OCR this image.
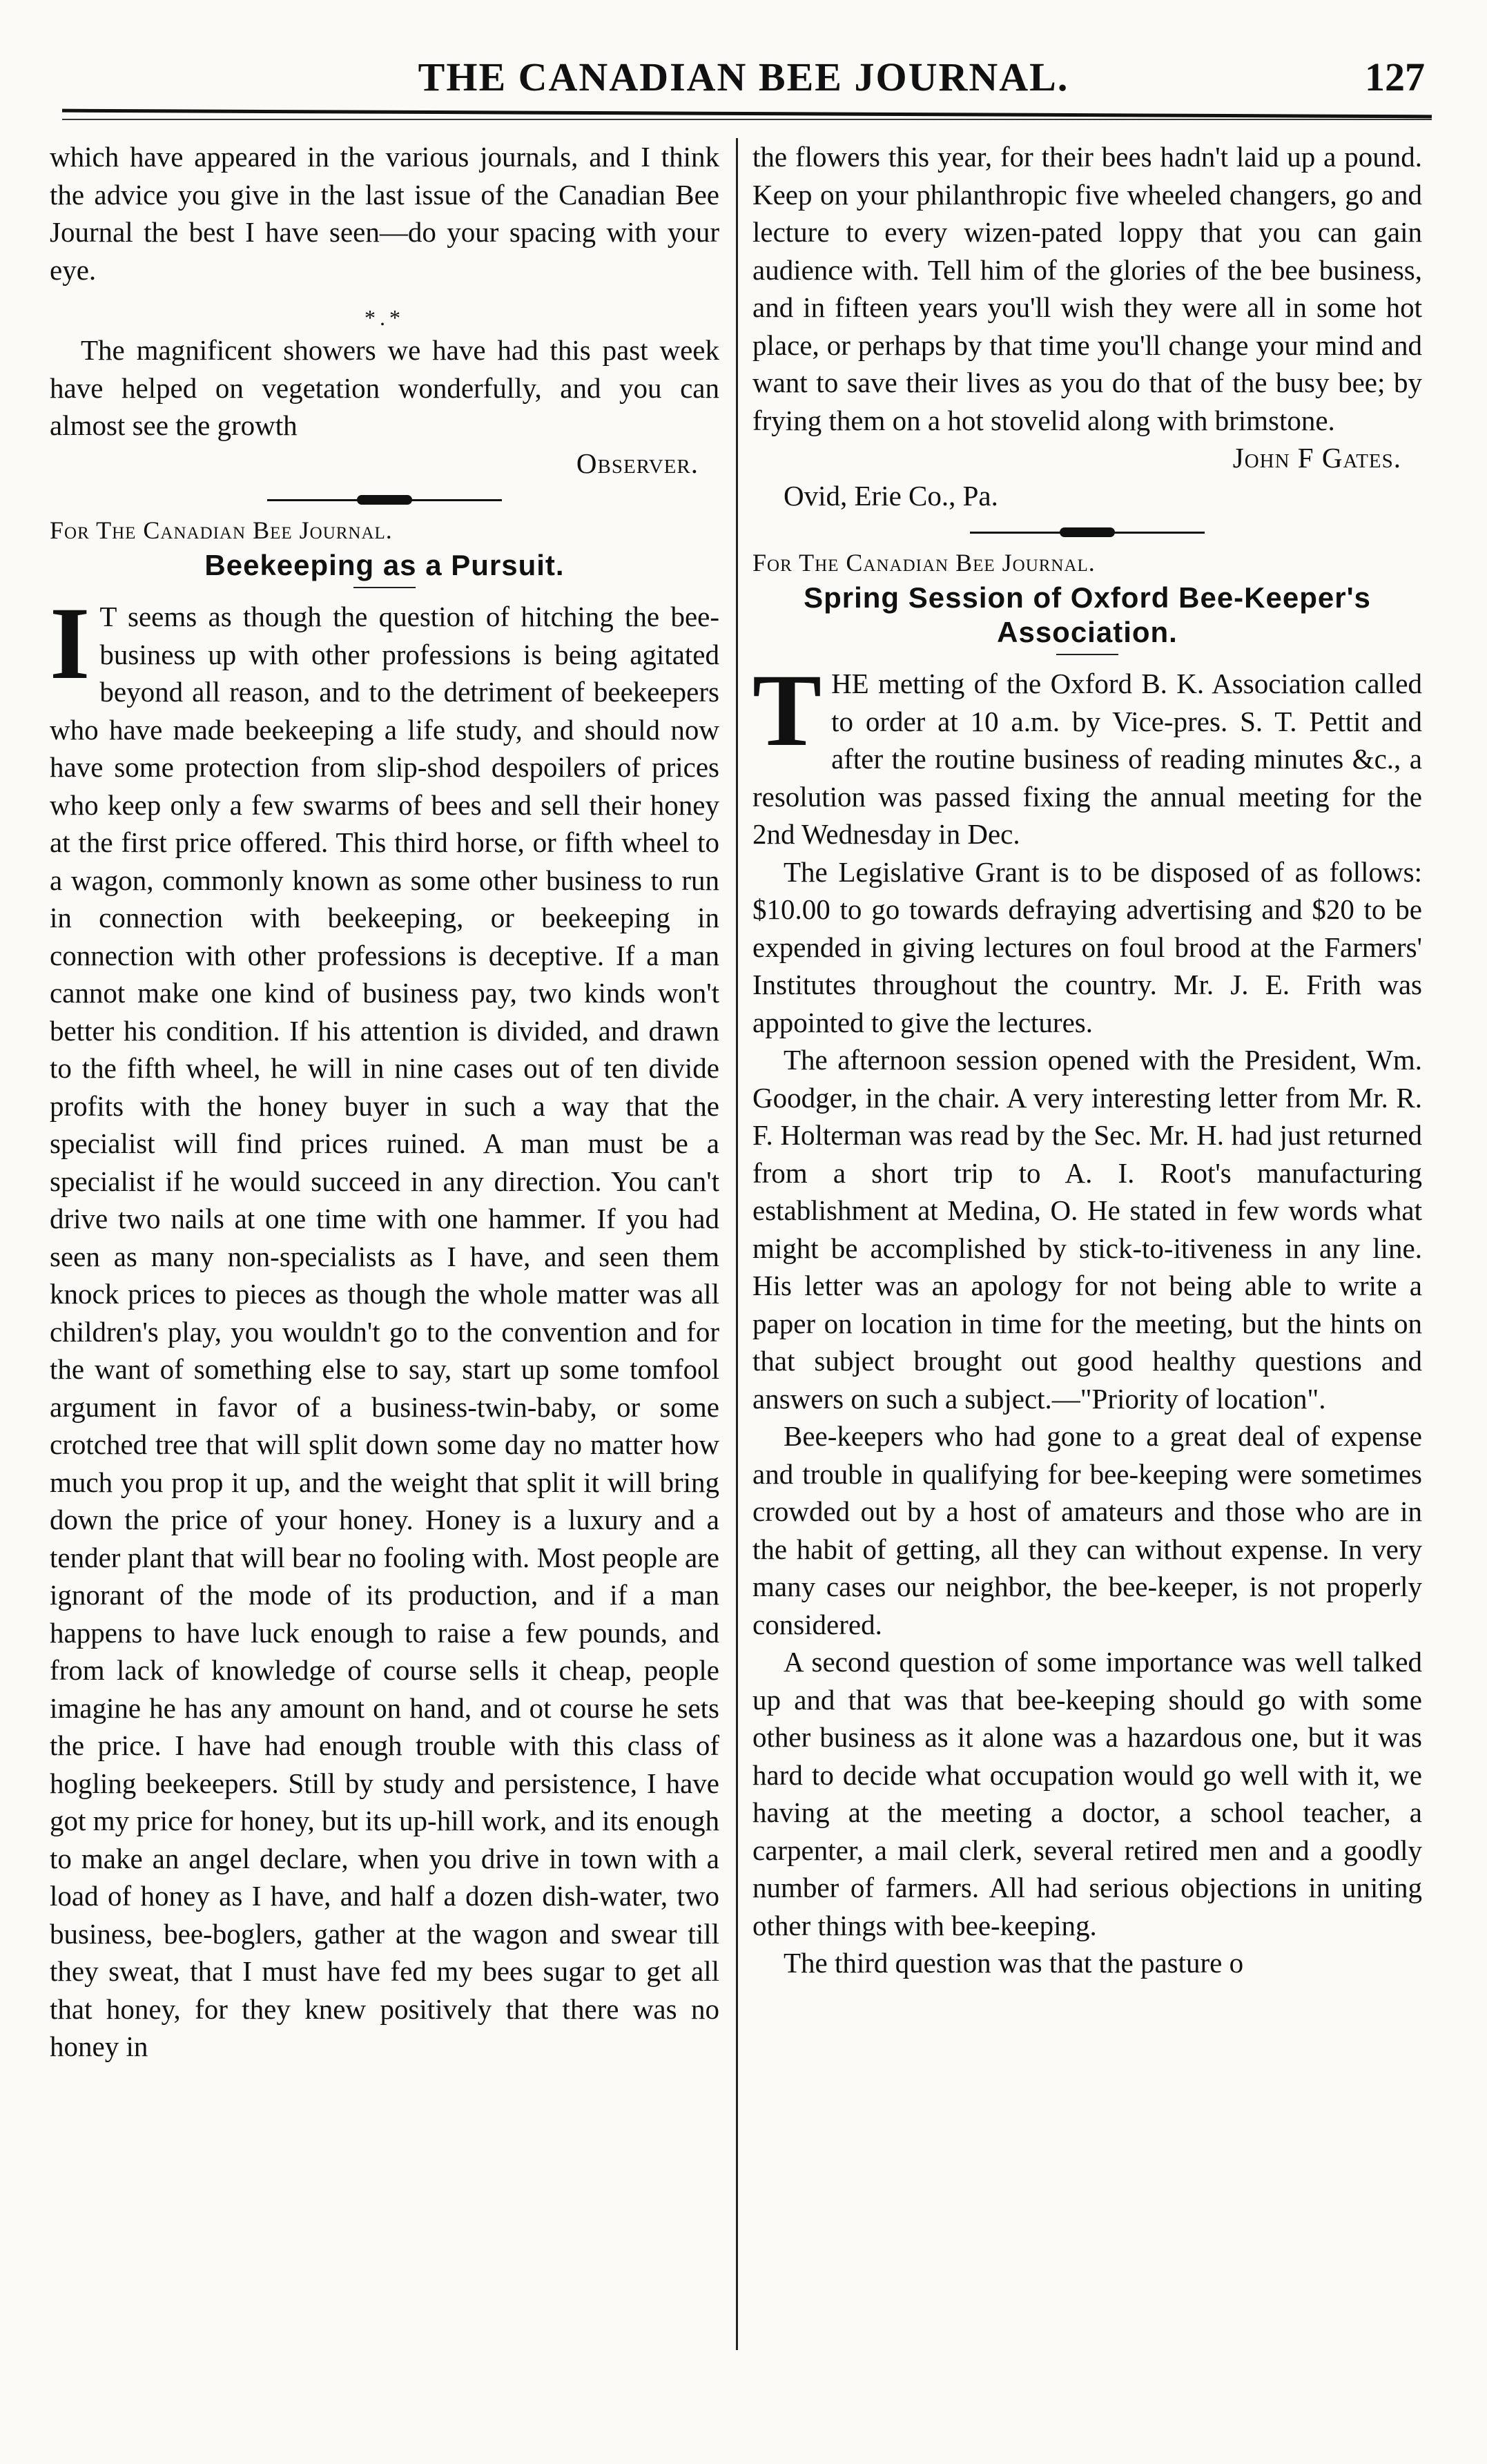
THE CANADIAN BEE JOURNAL.	127

which have appeared in the various journals, and I think the advice you give in the last issue of the Canadian Bee Journal the best I have seen—do your spacing with your eye.

*.*

The magnificent showers we have had this past week have helped on vegetation wonderfully, and you can almost see the growth

Observer.

For The Canadian Bee Journal.

Beekeeping as a Pursuit.

I T seems as though the question of hitching the bee-business up with other professions is being agitated beyond all reason, and to the detriment of beekeepers who have made beekeeping a life study, and should now have some protection from slip-shod despoilers of prices who keep only a few swarms of bees and sell their honey at the first price offered. This third horse, or fifth wheel to a wagon, commonly known as some other business to run in connection with beekeeping, or beekeeping in connection with other professions is deceptive. If a man cannot make one kind of business pay, two kinds won't better his condition. If his attention is divided, and drawn to the fifth wheel, he will in nine cases out of ten divide profits with the honey buyer in such a way that the specialist will find prices ruined. A man must be a specialist if he would succeed in any direction. You can't drive two nails at one time with one hammer. If you had seen as many non-specialists as I have, and seen them knock prices to pieces as though the whole matter was all children's play, you wouldn't go to the convention and for the want of something else to say, start up some tomfool argument in favor of a business-twin-baby, or some crotched tree that will split down some day no matter how much you prop it up, and the weight that split it will bring down the price of your honey. Honey is a luxury and a tender plant that will bear no fooling with. Most people are ignorant of the mode of its production, and if a man happens to have luck enough to raise a few pounds, and from lack of knowledge of course sells it cheap, people imagine he has any amount on hand, and ot course he sets the price. I have had enough trouble with this class of hogling beekeepers. Still by study and persistence, I have got my price for honey, but its up-hill work, and its enough to make an angel declare, when you drive in town with a load of honey as I have, and half a dozen dish-water, two business, bee-boglers, gather at the wagon and swear till they sweat, that I must have fed my bees sugar to get all that honey, for they knew positively that there was no honey in

the flowers this year, for their bees hadn't laid up a pound. Keep on your philanthropic five wheeled changers, go and lecture to every wizen-pated loppy that you can gain audience with. Tell him of the glories of the bee business, and in fifteen years you'll wish they were all in some hot place, or perhaps by that time you'll change your mind and want to save their lives as you do that of the busy bee; by frying them on a hot stovelid along with brimstone.

John F Gates.

Ovid, Erie Co., Pa.

For The Canadian Bee Journal.

Spring Session of Oxford Bee-Keeper's Association.

THE metting of the Oxford B. K. Association called to order at 10 a.m. by Vice-pres. S. T. Pettit and after the routine business of reading minutes &c., a resolution was passed fixing the annual meeting for the 2nd Wednesday in Dec.

The Legislative Grant is to be disposed of as follows: $10.00 to go towards defraying advertising and $20 to be expended in giving lectures on foul brood at the Farmers' Institutes throughout the country. Mr. J. E. Frith was appointed to give the lectures.

The afternoon session opened with the President, Wm. Goodger, in the chair. A very interesting letter from Mr. R. F. Holterman was read by the Sec. Mr. H. had just returned from a short trip to A. I. Root's manufacturing establishment at Medina, O. He stated in few words what might be accomplished by stick-to-itiveness in any line. His letter was an apology for not being able to write a paper on location in time for the meeting, but the hints on that subject brought out good healthy questions and answers on such a subject.—"Priority of location".

Bee-keepers who had gone to a great deal of expense and trouble in qualifying for bee-keeping were sometimes crowded out by a host of amateurs and those who are in the habit of getting, all they can without expense. In very many cases our neighbor, the bee-keeper, is not properly considered.

A second question of some importance was well talked up and that was that bee-keeping should go with some other business as it alone was a hazardous one, but it was hard to decide what occupation would go well with it, we having at the meeting a doctor, a school teacher, a carpenter, a mail clerk, several retired men and a goodly number of farmers. All had serious objections in uniting other things with bee-keeping.

The third question was that the pasture o
